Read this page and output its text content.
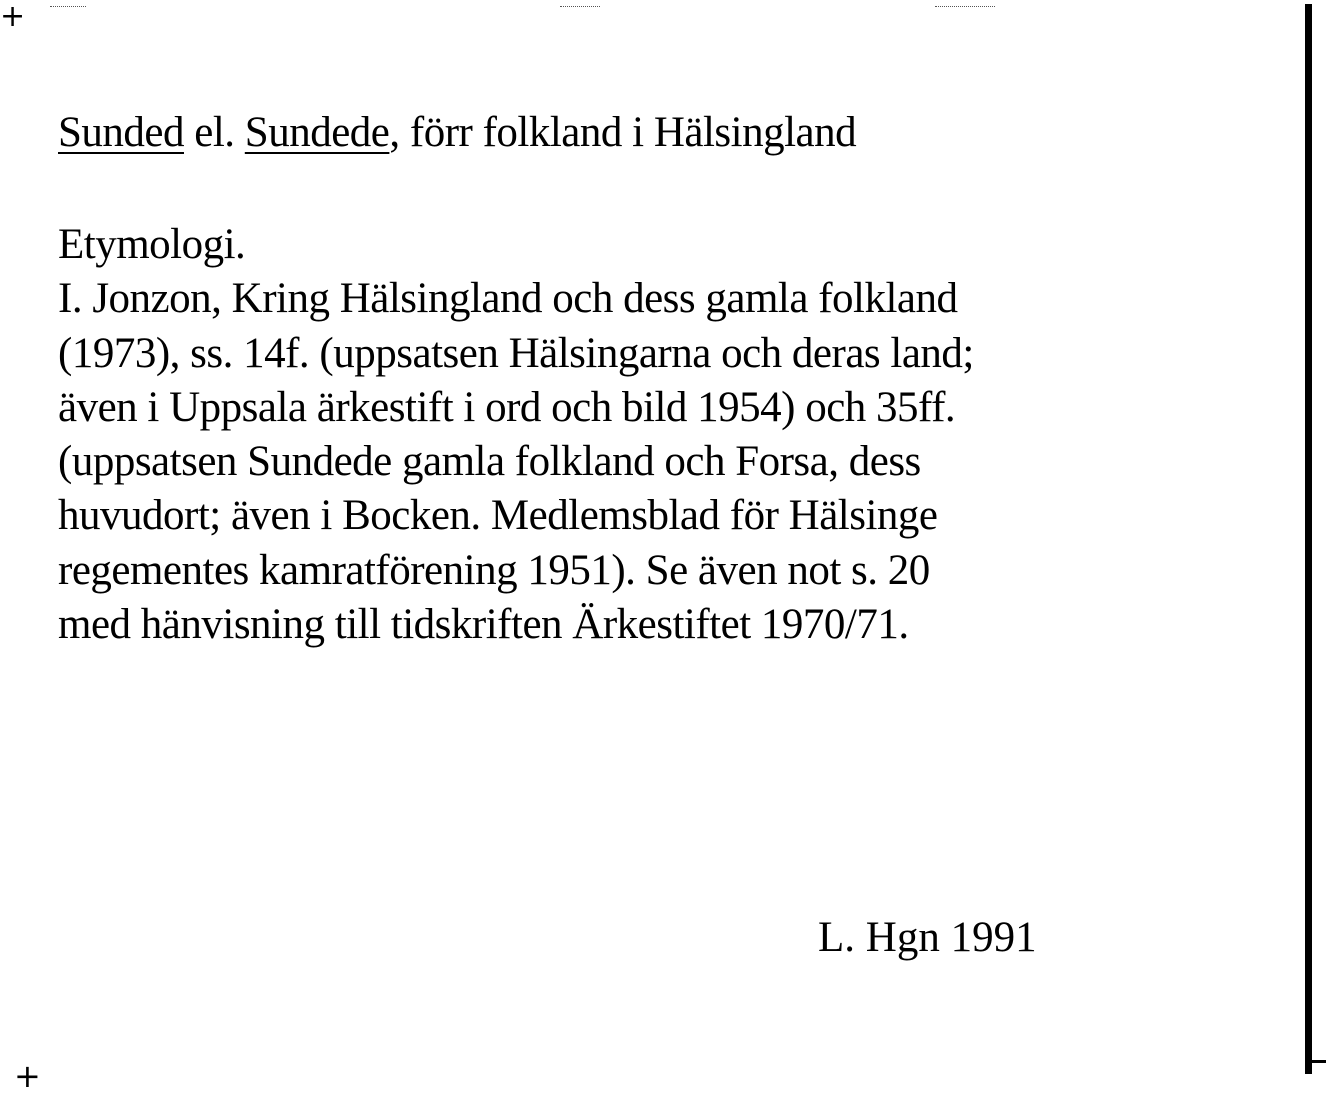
+
+
Sunded el. Sundede, förr folkland i Hälsingland
Etymologi.
I. Jonzon, Kring Hälsingland och dess gamla folkland
(1973), ss. 14f. (uppsatsen Hälsingarna och deras land;
även i Uppsala ärkestift i ord och bild 1954) och 35ff.
(uppsatsen Sundede gamla folkland och Forsa, dess
huvudort; även i Bocken. Medlemsblad för Hälsinge
regementes kamratförening 1951). Se även not s. 20
med hänvisning till tidskriften Ärkestiftet 1970/71.
L. Hgn 1991
